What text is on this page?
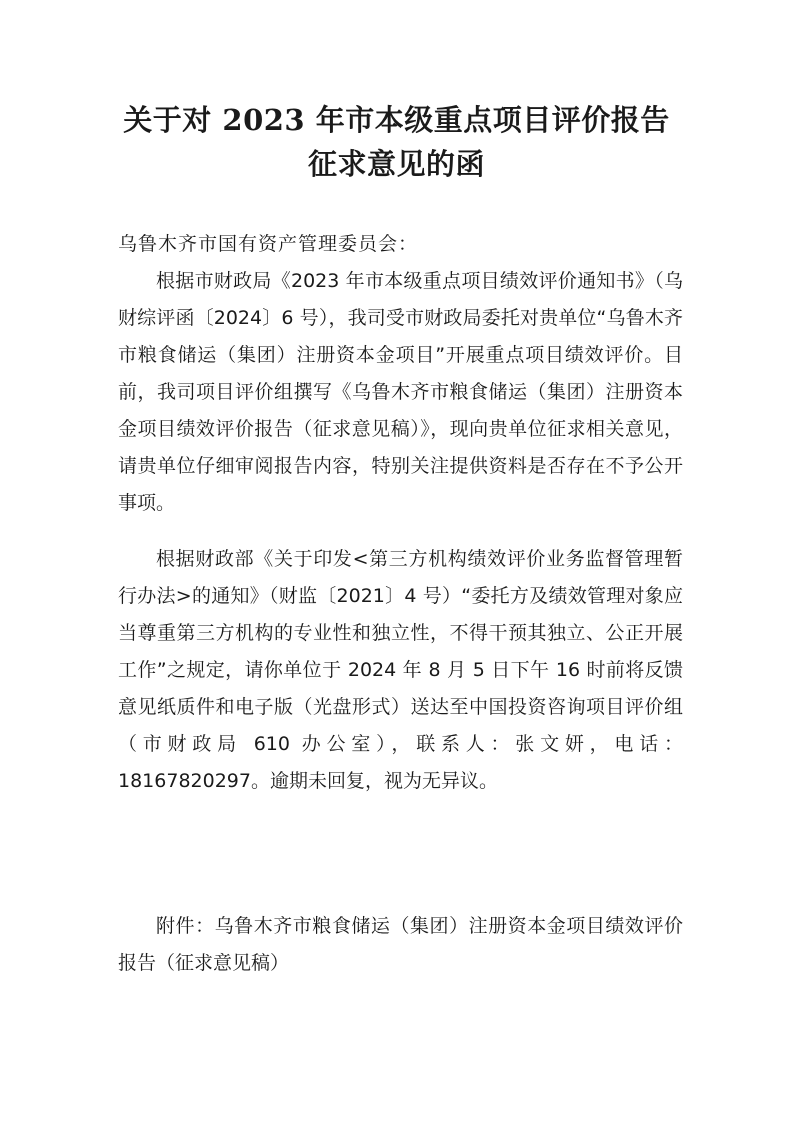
关于对 2023 年市本级重点项目评价报告
征求意见的函

乌鲁木齐市国有资产管理委员会：

根据市财政局《2023 年市本级重点项目绩效评价通知书》（乌财综评函〔2024〕6 号），我司受市财政局委托对贵单位“乌鲁木齐市粮食储运（集团）注册资本金项目”开展重点项目绩效评价。目前，我司项目评价组撰写《乌鲁木齐市粮食储运（集团）注册资本金项目绩效评价报告（征求意见稿）》，现向贵单位征求相关意见，请贵单位仔细审阅报告内容，特别关注提供资料是否存在不予公开事项。

根据财政部《关于印发<第三方机构绩效评价业务监督管理暂行办法>的通知》（财监〔2021〕4 号）“委托方及绩效管理对象应当尊重第三方机构的专业性和独立性，不得干预其独立、公正开展工作”之规定，请你单位于 2024 年 8 月 5 日下午 16 时前将反馈意见纸质件和电子版（光盘形式）送达至中国投资咨询项目评价组（市财政局 610 办公室），联系人：张文妍，电话：18167820297。逾期未回复，视为无异议。

附件：乌鲁木齐市粮食储运（集团）注册资本金项目绩效评价报告（征求意见稿）
